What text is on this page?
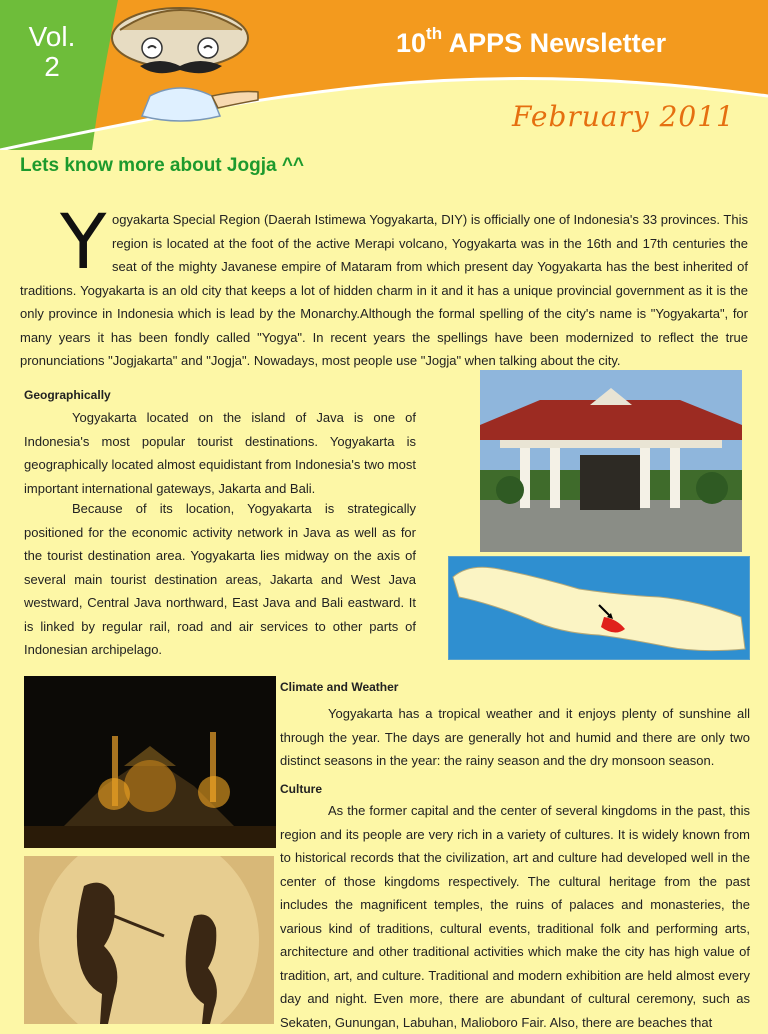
Vol.
2
10th APPS Newsletter
February 2011
Lets know more about Jogja ^^
Y ogyakarta Special Region (Daerah Istimewa Yogyakarta, DIY) is officially one of Indonesia's 33 provinces. This region is located at the foot of the active Merapi volcano, Yogyakarta was in the 16th and 17th centuries the seat of the mighty Javanese empire of Mataram from which present day Yogyakarta has the best inherited of traditions. Yogyakarta is an old city that keeps a lot of hidden charm in it and it has a unique provincial government as it is the only province in Indonesia which is lead by the Monarchy.Although the formal spelling of the city's name is "Yogyakarta", for many years it has been fondly called "Yogya". In recent years the spellings have been modernized to reflect the true pronunciations "Jogjakarta" and "Jogja". Nowadays, most people use "Jogja" when talking about the city.

Geographically

Yogyakarta located on the island of Java is one of Indonesia's most popular tourist destinations. Yogyakarta is geographically located almost equidistant from Indonesia's two most important international gateways, Jakarta and Bali.

Because of its location, Yogyakarta is strategically positioned for the economic activity network in Java as well as for the tourist destination area. Yogyakarta lies midway on the axis of several main tourist destination areas, Jakarta and West Java westward, Central Java northward, East Java and Bali eastward. It is linked by regular rail, road and air services to other parts of Indonesian archipelago.

Climate and Weather

Yogyakarta has a tropical weather and it enjoys plenty of sunshine all through the year. The days are generally hot and humid and there are only two distinct seasons in the year: the rainy season and the dry monsoon season.

Culture

As the former capital and the center of several kingdoms in the past, this region and its people are very rich in a variety of cultures. It is widely known from to historical records that the civilization, art and culture had developed well in the center of those kingdoms respectively. The cultural heritage from the past includes the magnificent temples, the ruins of palaces and monasteries, the various kind of traditions, cultural events, traditional folk and performing arts, architecture and other traditional activities which make the city has high value of tradition, art, and culture. Traditional and modern exhibition are held almost every day and night. Even more, there are abundant of cultural ceremony, such as Sekaten, Gunungan, Labuhan, Malioboro Fair. Also, there are beaches that
